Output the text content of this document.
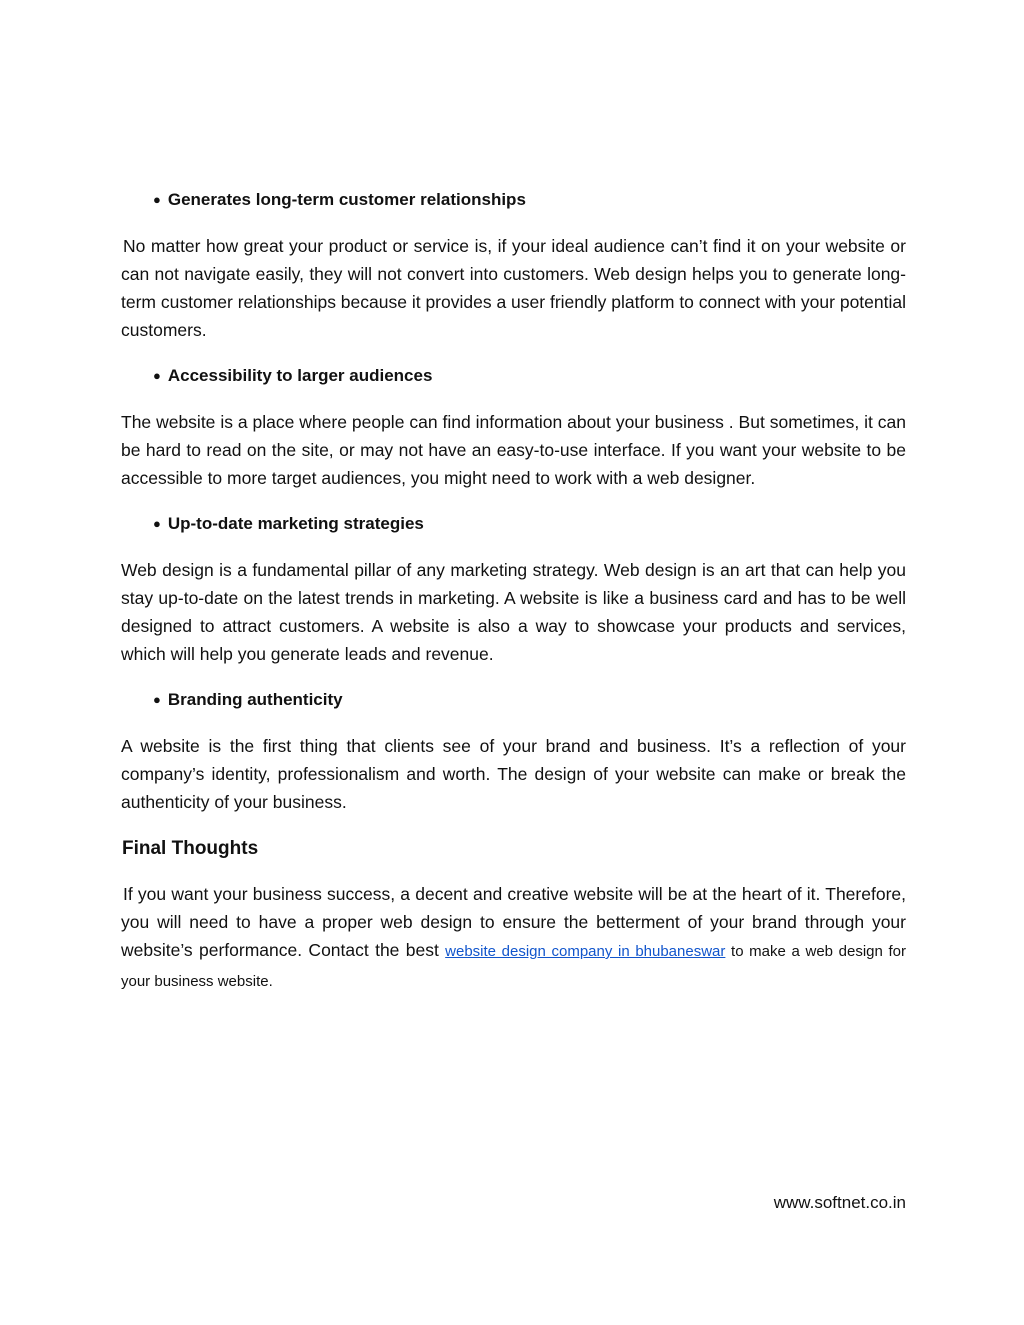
● Generates long-term customer relationships

No matter how great your product or service is, if your ideal audience can’t find it on your website or can not navigate easily, they will not convert into customers. Web design helps you to generate long-term customer relationships because it provides a user friendly platform to connect with your potential customers.

● Accessibility to larger audiences

The website is a place where people can find information about your business . But sometimes, it can be hard to read on the site, or may not have an easy-to-use interface. If you want your website to be accessible to more target audiences, you might need to work with a web designer.

● Up-to-date marketing strategies

Web design is a fundamental pillar of any marketing strategy. Web design is an art that can help you stay up-to-date on the latest trends in marketing. A website is like a business card and has to be well designed to attract customers. A website is also a way to showcase your products and services, which will help you generate leads and revenue.

● Branding authenticity

A website is the first thing that clients see of your brand and business. It’s a reflection of your company’s identity, professionalism and worth. The design of your website can make or break the authenticity of your business.

Final Thoughts

If you want your business success, a decent and creative website will be at the heart of it. Therefore, you will need to have a proper web design to ensure the betterment of your brand through your website’s performance. Contact the best website design company in bhubaneswar to make a web design for your business website.

www.softnet.co.in
